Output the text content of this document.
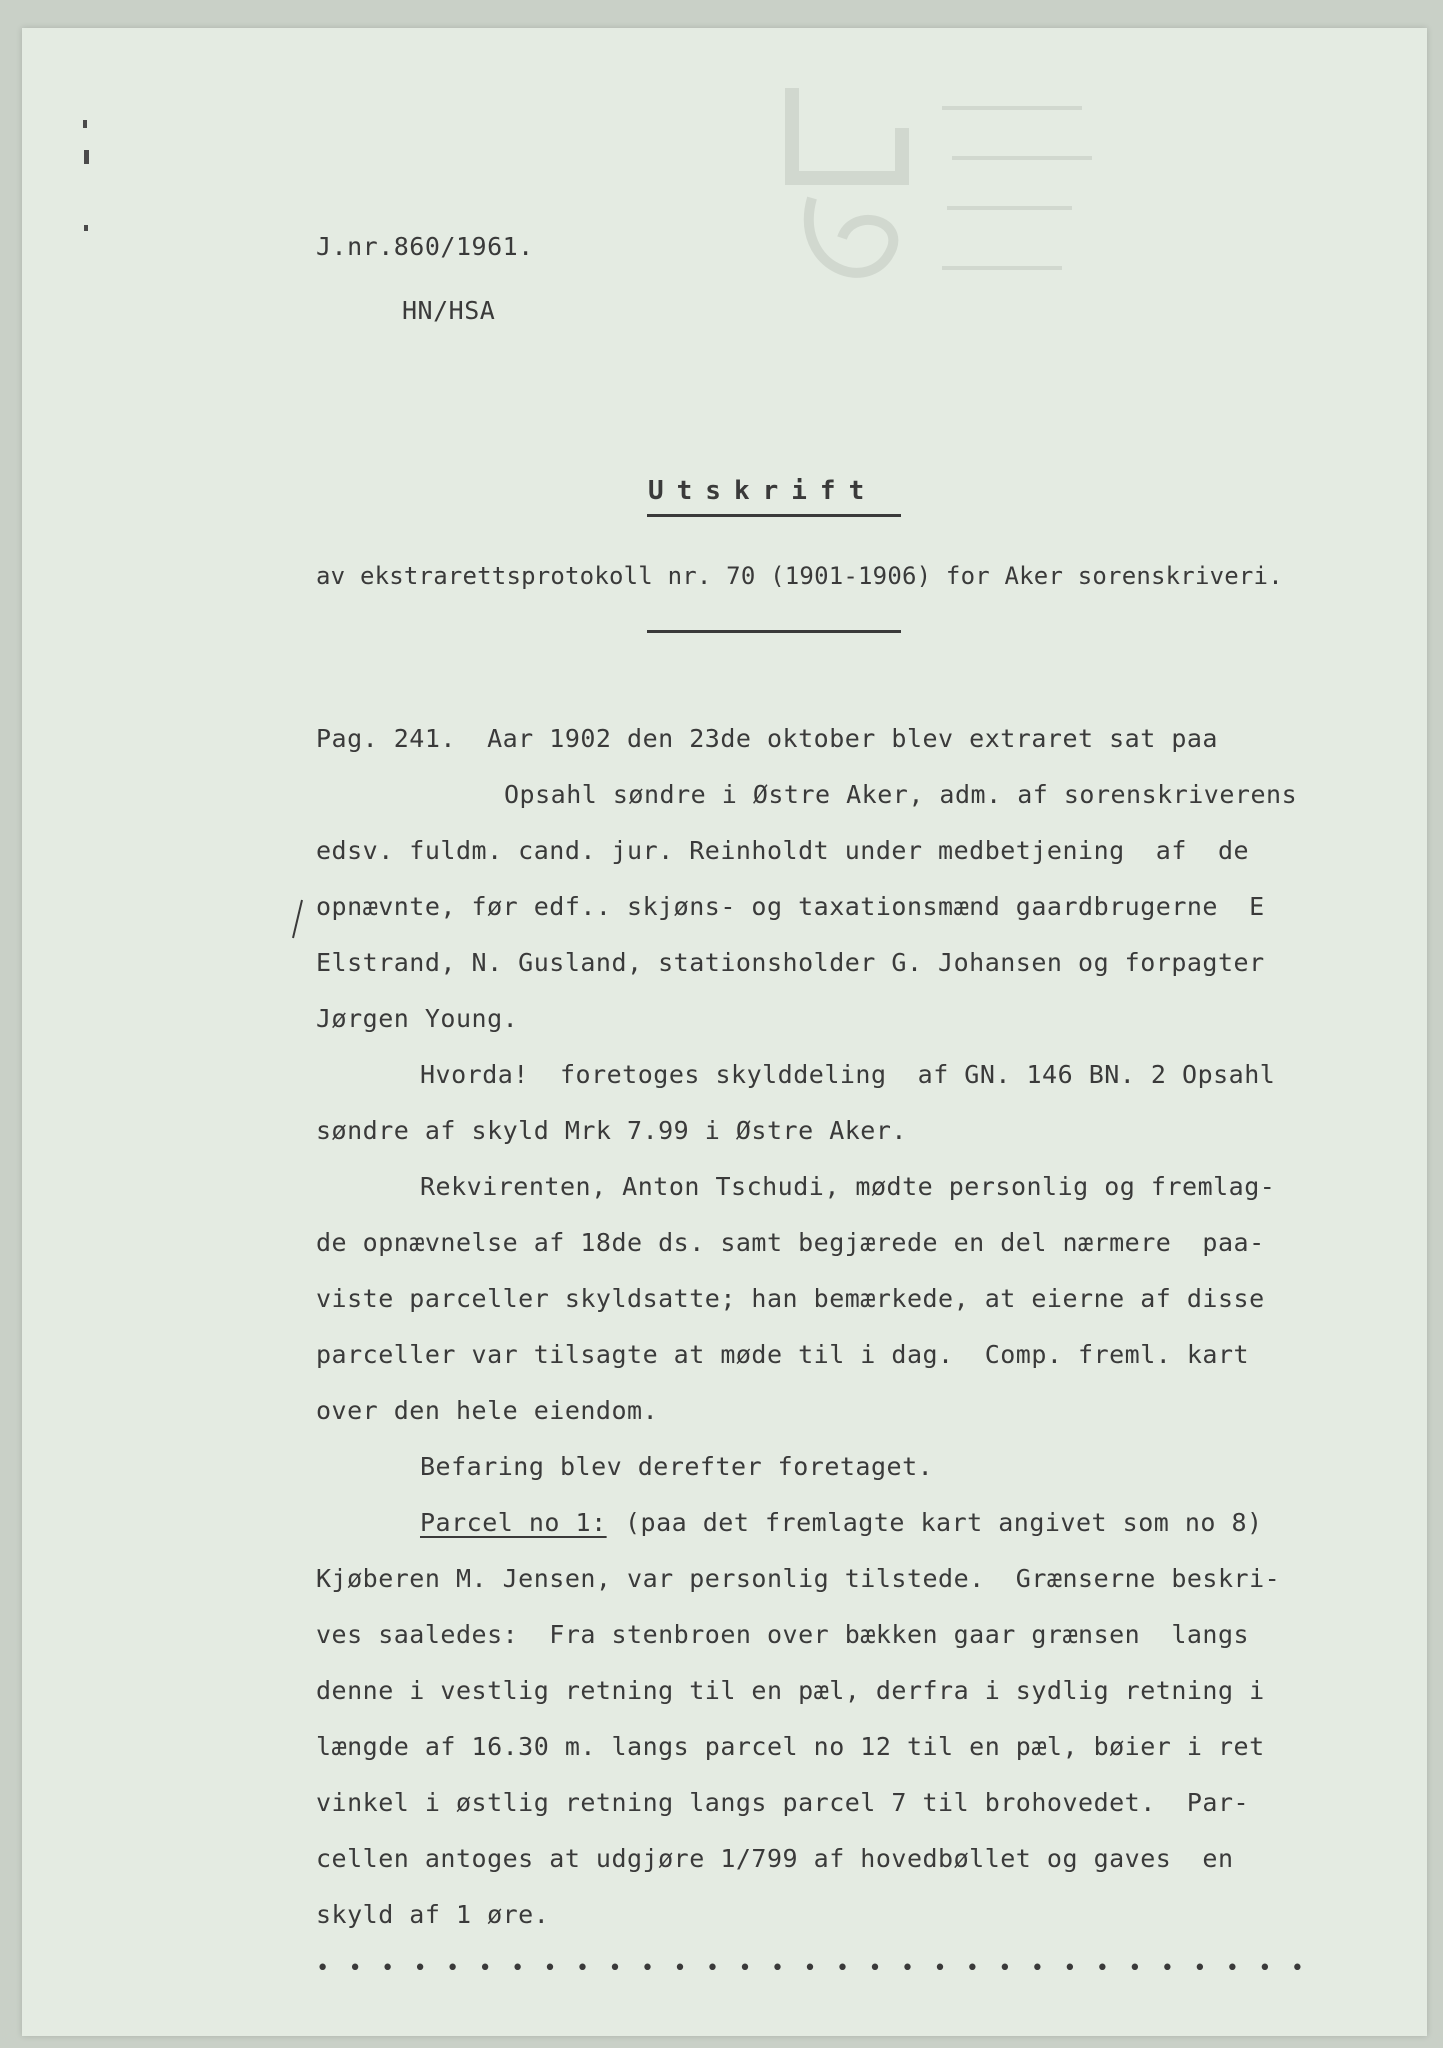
J.nr.860/1961.
HN/HSA
Utskrift
av ekstrarettsprotokoll nr. 70 (1901-1906) for Aker sorenskriveri.
Pag. 241.  Aar 1902 den 23de oktober blev extraret sat paa
Opsahl søndre i Østre Aker, adm. af sorenskriverens
edsv. fuldm. cand. jur. Reinholdt under medbetjening  af  de
opnævnte, før edf.. skjøns- og taxationsmænd gaardbrugerne  E
Elstrand, N. Gusland, stationsholder G. Johansen og forpagter
Jørgen Young.
Hvorda!  foretoges skylddeling  af GN. 146 BN. 2 Opsahl
søndre af skyld Mrk 7.99 i Østre Aker.
Rekvirenten, Anton Tschudi, mødte personlig og fremlag-
de opnævnelse af 18de ds. samt begjærede en del nærmere  paa-
viste parceller skyldsatte; han bemærkede, at eierne af disse
parceller var tilsagte at møde til i dag.  Comp. freml. kart
over den hele eiendom.
Befaring blev derefter foretaget.
Parcel no 1: (paa det fremlagte kart angivet som no 8)
Kjøberen M. Jensen, var personlig tilstede.  Grænserne beskri-
ves saaledes:  Fra stenbroen over bækken gaar grænsen  langs
denne i vestlig retning til en pæl, derfra i sydlig retning i
længde af 16.30 m. langs parcel no 12 til en pæl, bøier i ret
vinkel i østlig retning langs parcel 7 til brohovedet.  Par-
cellen antoges at udgjøre 1/799 af hovedbøllet og gaves  en
skyld af 1 øre.
• • • • • • • • • • • • • • • • • • • • • • • • • • • • • • •
